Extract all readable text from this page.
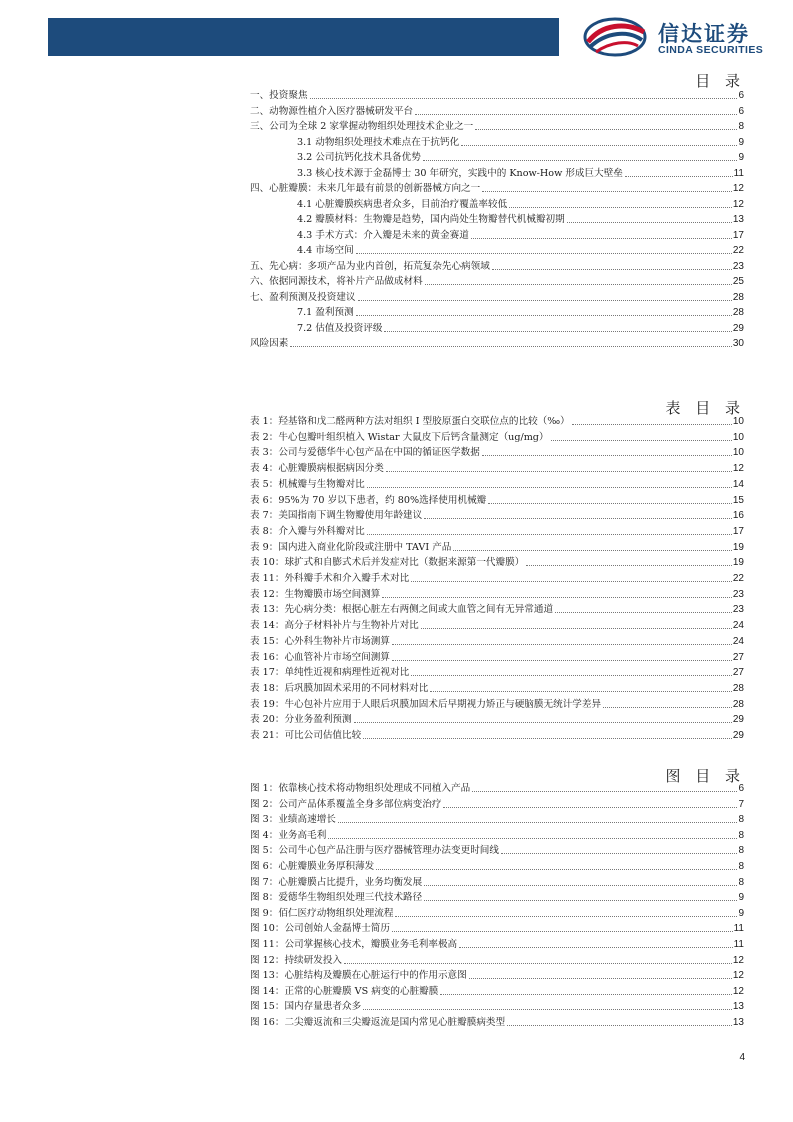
信达证券
CINDA SECURITIES
目 录
一、投资聚焦	6
二、动物源性植介入医疗器械研发平台	6
三、公司为全球 2 家掌握动物组织处理技术企业之一	8
3.1 动物组织处理技术难点在于抗钙化	9
3.2 公司抗钙化技术具备优势	9
3.3 核心技术源于金磊博士 30 年研究，实践中的 Know-How 形成巨大壁垒	11
四、心脏瓣膜：未来几年最有前景的创新器械方向之一	12
4.1 心脏瓣膜疾病患者众多，目前治疗覆盖率较低	12
4.2 瓣膜材料：生物瓣是趋势，国内尚处生物瓣替代机械瓣初期	13
4.3 手术方式：介入瓣是未来的黄金赛道	17
4.4 市场空间	22
五、先心病：多项产品为业内首创，拓荒复杂先心病领域	23
六、依据同源技术，将补片产品做成材料	25
七、盈利预测及投资建议	28
7.1 盈利预测	28
7.2 估值及投资评级	29
风险因素	30
表 目 录
表 1：羟基铬和戊二醛两种方法对组织 I 型胶原蛋白交联位点的比较（‰）	10
表 2：牛心包瓣叶组织植入 Wistar 大鼠皮下后钙含量测定（ug/mg）	10
表 3：公司与爱德华牛心包产品在中国的循证医学数据	10
表 4：心脏瓣膜病根据病因分类	12
表 5：机械瓣与生物瓣对比	14
表 6：95%为 70 岁以下患者，约 80%选择使用机械瓣	15
表 7：美国指南下调生物瓣使用年龄建议	16
表 8：介入瓣与外科瓣对比	17
表 9：国内进入商业化阶段或注册中 TAVI 产品	19
表 10：球扩式和自膨式术后并发症对比（数据来源第一代瓣膜）	19
表 11：外科瓣手术和介入瓣手术对比	22
表 12：生物瓣膜市场空间测算	23
表 13：先心病分类：根据心脏左右两侧之间或大血管之间有无异常通道	23
表 14：高分子材料补片与生物补片对比	24
表 15：心外科生物补片市场测算	24
表 16：心血管补片市场空间测算	27
表 17：单纯性近视和病理性近视对比	27
表 18：后巩膜加固术采用的不同材料对比	28
表 19：牛心包补片应用于人眼后巩膜加固术后早期视力矫正与硬脑膜无统计学差异	28
表 20：分业务盈利预测	29
表 21：可比公司估值比较	29
图 目 录
图 1：依靠核心技术将动物组织处理成不同植入产品	6
图 2：公司产品体系覆盖全身多部位病变治疗	7
图 3：业绩高速增长	8
图 4：业务高毛利	8
图 5：公司牛心包产品注册与医疗器械管理办法变更时间线	8
图 6：心脏瓣膜业务厚积薄发	8
图 7：心脏瓣膜占比提升，业务均衡发展	8
图 8：爱德华生物组织处理三代技术路径	9
图 9：佰仁医疗动物组织处理流程	9
图 10：公司创始人金磊博士简历	11
图 11：公司掌握核心技术，瓣膜业务毛利率极高	11
图 12：持续研发投入	12
图 13：心脏结构及瓣膜在心脏运行中的作用示意图	12
图 14：正常的心脏瓣膜 VS 病变的心脏瓣膜	12
图 15：国内存量患者众多	13
图 16：二尖瓣返流和三尖瓣返流是国内常见心脏瓣膜病类型	13
4
